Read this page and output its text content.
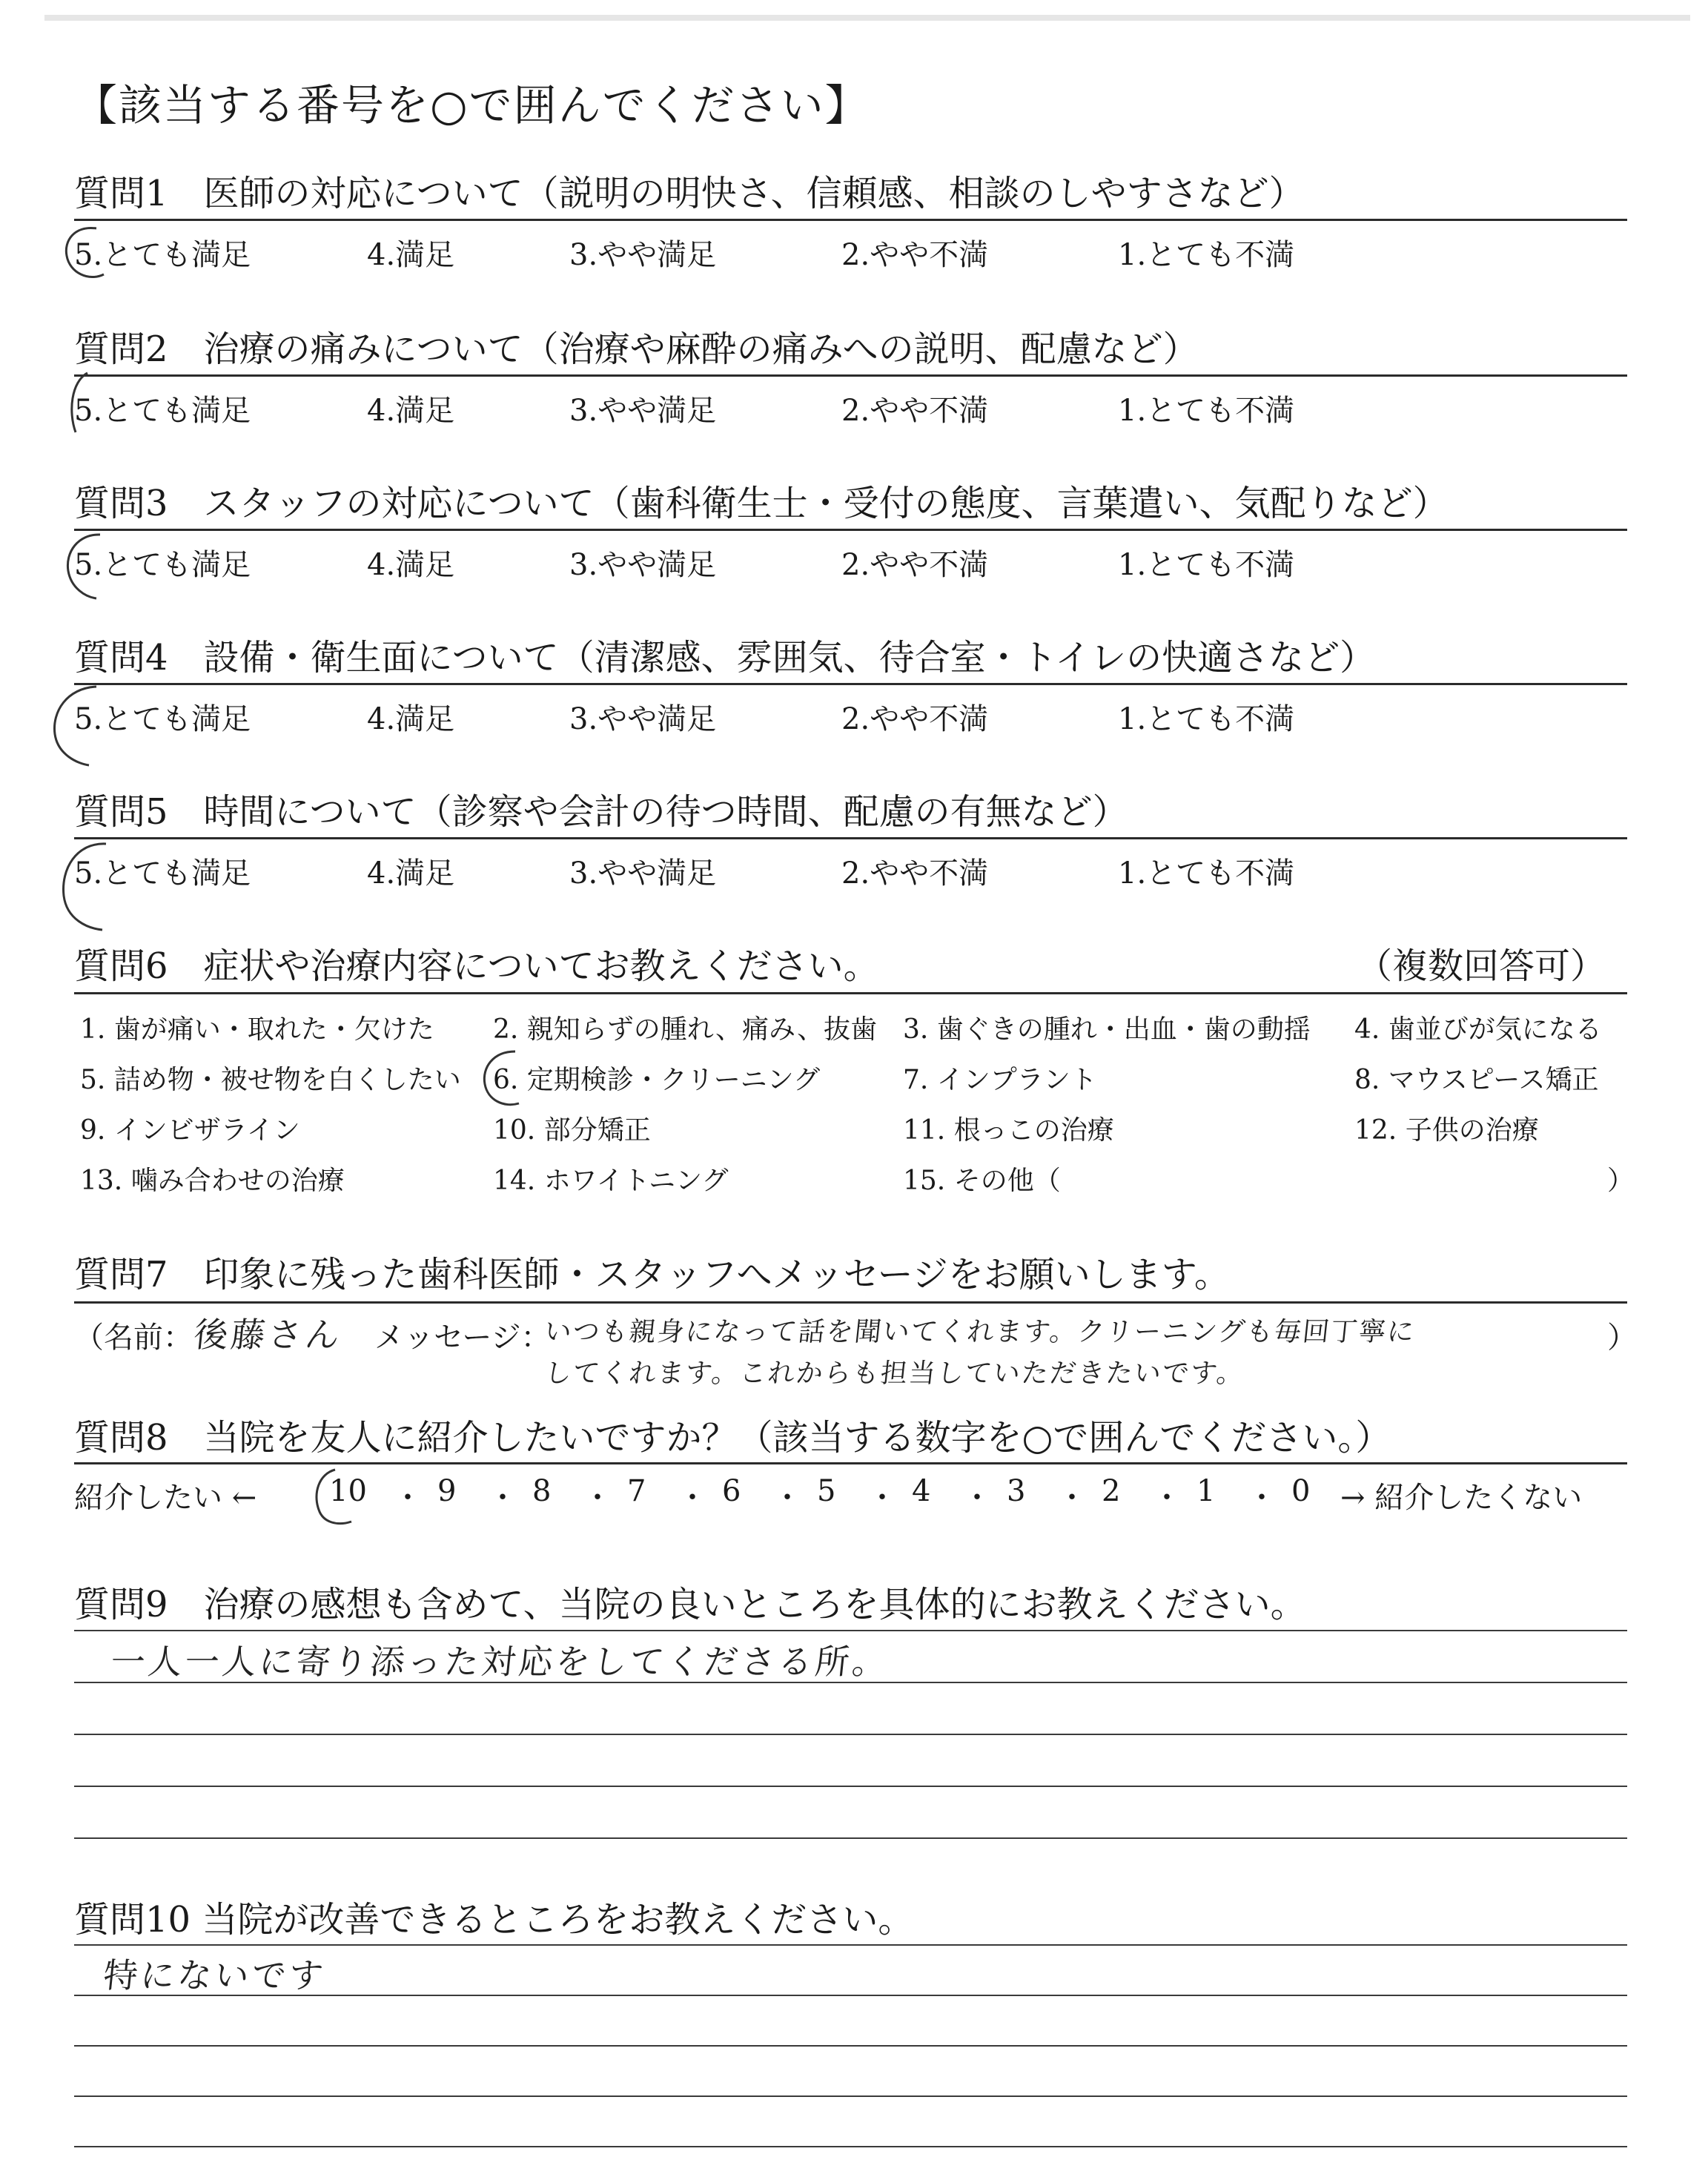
【該当する番号を○で囲んでください】
質問1　医師の対応について（説明の明快さ、信頼感、相談のしやすさなど）
5.とても満足	4.満足	3.やや満足	2.やや不満	1.とても不満
質問2　治療の痛みについて（治療や麻酔の痛みへの説明、配慮など）
5.とても満足	4.満足	3.やや満足	2.やや不満	1.とても不満
質問3　スタッフの対応について（歯科衛生士・受付の態度、言葉遣い、気配りなど）
5.とても満足	4.満足	3.やや満足	2.やや不満	1.とても不満
質問4　設備・衛生面について（清潔感、雰囲気、待合室・トイレの快適さなど）
5.とても満足	4.満足	3.やや満足	2.やや不満	1.とても不満
質問5　時間について（診察や会計の待つ時間、配慮の有無など）
5.とても満足	4.満足	3.やや満足	2.やや不満	1.とても不満
質問6　症状や治療内容についてお教えください。	（複数回答可）
1. 歯が痛い・取れた・欠けた 2. 親知らずの腫れ、痛み、抜歯 3. 歯ぐきの腫れ・出血・歯の動揺 4. 歯並びが気になる
5. 詰め物・被せ物を白くしたい 6. 定期検診・クリーニング	7. インプラント	8. マウスピース矯正
9. インビザライン	10. 部分矯正	11. 根っこの治療	12. 子供の治療
13. 噛み合わせの治療	14. ホワイトニング	15. その他（	）
質問7　印象に残った歯科医師・スタッフへメッセージをお願いします。
（名前：
後藤さん メッセージ：
いつも親身になって話を聞いてくれます。クリーニングも毎回丁寧に
してくれます。これからも担当していただきたいです。
）
質問8　当院を友人に紹介したいですか？（該当する数字を○で囲んでください。）
紹介したい ← 10 ・ 9 ・ 8 ・ 7 ・ 6 ・ 5 ・ 4 ・ 3 ・ 2 ・ 1 ・ 0 → 紹介したくない
質問9　治療の感想も含めて、当院の良いところを具体的にお教えください。
一人一人に寄り添った対応をしてくださる所。
質問10 当院が改善できるところをお教えください。
特にないです
